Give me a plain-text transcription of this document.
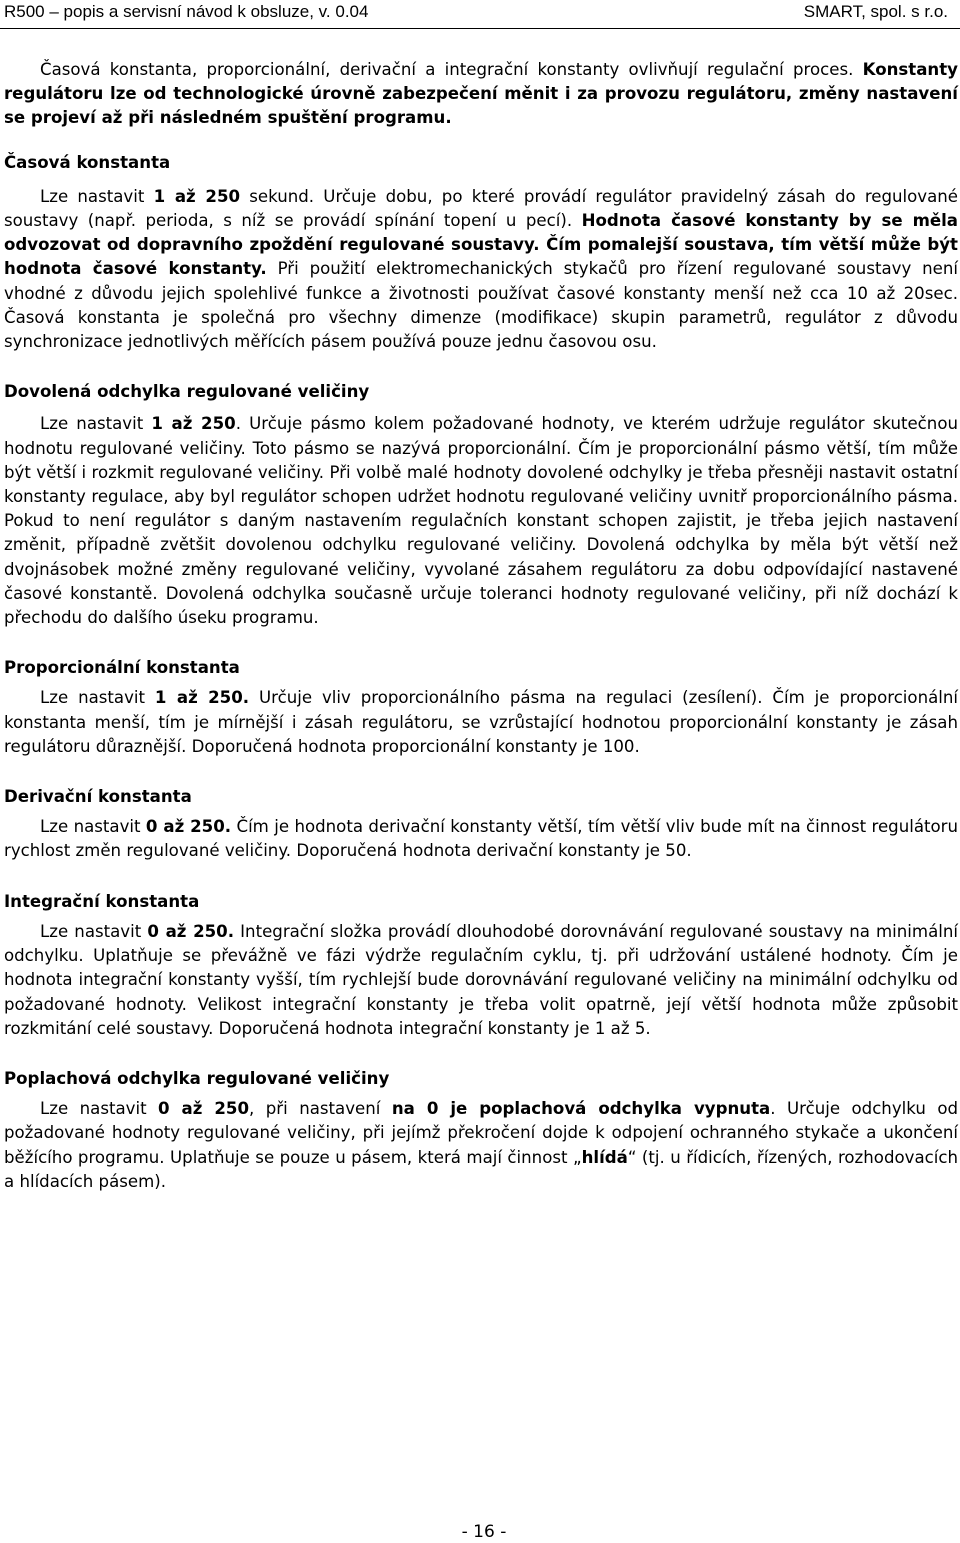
R500 – popis a servisní návod k obsluze, v. 0.04	SMART, spol. s r.o.

Časová konstanta, proporcionální, derivační a integrační konstanty ovlivňují regulační proces. Konstanty regulátoru lze od technologické úrovně zabezpečení měnit i za provozu regulátoru, změny nastavení se projeví až při následném spuštění programu.

Časová konstanta

Lze nastavit 1 až 250 sekund. Určuje dobu, po které provádí regulátor pravidelný zásah do regulované soustavy (např. perioda, s níž se provádí spínání topení u pecí). Hodnota časové konstanty by se měla odvozovat od dopravního zpoždění regulované soustavy. Čím pomalejší soustava, tím větší může být hodnota časové konstanty. Při použití elektromechanických stykačů pro řízení regulované soustavy není vhodné z důvodu jejich spolehlivé funkce a životnosti používat časové konstanty menší než cca 10 až 20sec. Časová konstanta je společná pro všechny dimenze (modifikace) skupin parametrů, regulátor z důvodu synchronizace jednotlivých měřících pásem používá pouze jednu časovou osu.

Dovolená odchylka regulované veličiny

Lze nastavit 1 až 250. Určuje pásmo kolem požadované hodnoty, ve kterém udržuje regulátor skutečnou hodnotu regulované veličiny. Toto pásmo se nazývá proporcionální. Čím je proporcionální pásmo větší, tím může být větší i rozkmit regulované veličiny. Při volbě malé hodnoty dovolené odchylky je třeba přesněji nastavit ostatní konstanty regulace, aby byl regulátor schopen udržet hodnotu regulované veličiny uvnitř proporcionálního pásma. Pokud to není regulátor s daným nastavením regulačních konstant schopen zajistit, je třeba jejich nastavení změnit, případně zvětšit dovolenou odchylku regulované veličiny. Dovolená odchylka by měla být větší než dvojnásobek možné změny regulované veličiny, vyvolané zásahem regulátoru za dobu odpovídající nastavené časové konstantě. Dovolená odchylka současně určuje toleranci hodnoty regulované veličiny, při níž dochází k přechodu do dalšího úseku programu.

Proporcionální konstanta

Lze nastavit 1 až 250. Určuje vliv proporcionálního pásma na regulaci (zesílení). Čím je proporcionální konstanta menší, tím je mírnější i zásah regulátoru, se vzrůstající hodnotou proporcionální konstanty je zásah regulátoru důraznější. Doporučená hodnota proporcionální konstanty je 100.

Derivační konstanta

Lze nastavit 0 až 250. Čím je hodnota derivační konstanty větší, tím větší vliv bude mít na činnost regulátoru rychlost změn regulované veličiny. Doporučená hodnota derivační konstanty je 50.

Integrační konstanta

Lze nastavit 0 až 250. Integrační složka provádí dlouhodobé dorovnávání regulované soustavy na minimální odchylku. Uplatňuje se převážně ve fázi výdrže regulačním cyklu, tj. při udržování ustálené hodnoty. Čím je hodnota integrační konstanty vyšší, tím rychlejší bude dorovnávání regulované veličiny na minimální odchylku od požadované hodnoty. Velikost integrační konstanty je třeba volit opatrně, její větší hodnota může způsobit rozkmitání celé soustavy. Doporučená hodnota integrační konstanty je 1 až 5.

Poplachová odchylka regulované veličiny

Lze nastavit 0 až 250, při nastavení na 0 je poplachová odchylka vypnuta. Určuje odchylku od požadované hodnoty regulované veličiny, při jejímž překročení dojde k odpojení ochranného stykače a ukončení běžícího programu. Uplatňuje se pouze u pásem, která mají činnost „hlídá“ (tj. u řídicích, řízených, rozhodovacích a hlídacích pásem).

- 16 -
